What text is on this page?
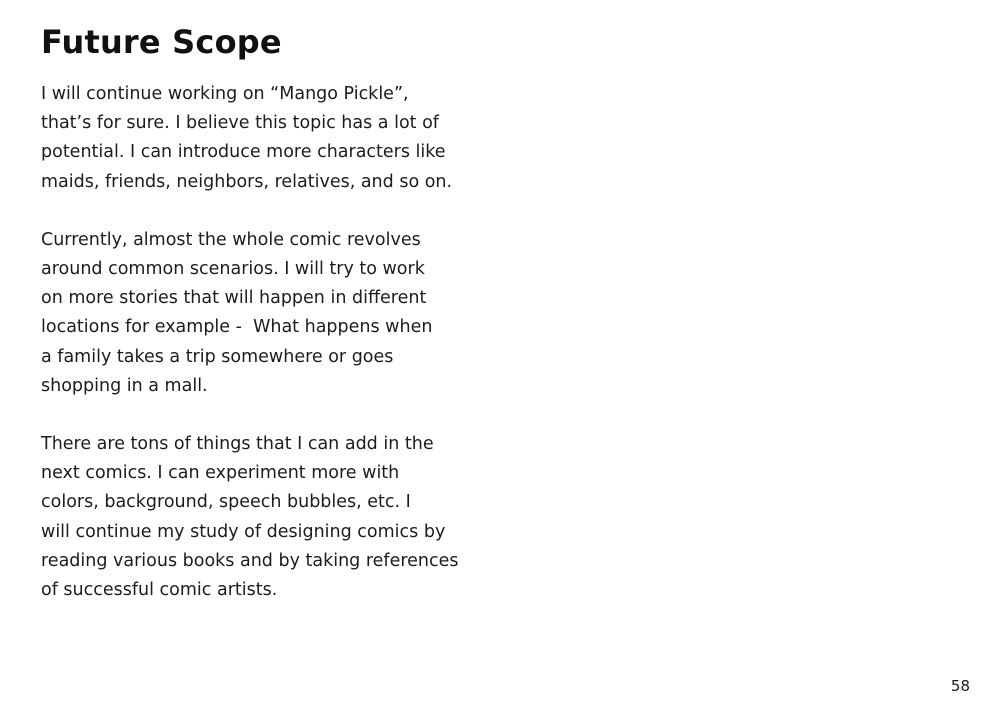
Future Scope

I will continue working on “Mango Pickle”,
that’s for sure. I believe this topic has a lot of
potential. I can introduce more characters like
maids, friends, neighbors, relatives, and so on.

Currently, almost the whole comic revolves
around common scenarios. I will try to work
on more stories that will happen in different
locations for example -  What happens when
a family takes a trip somewhere or goes
shopping in a mall.

There are tons of things that I can add in the
next comics. I can experiment more with
colors, background, speech bubbles, etc. I
will continue my study of designing comics by
reading various books and by taking references
of successful comic artists.

58
